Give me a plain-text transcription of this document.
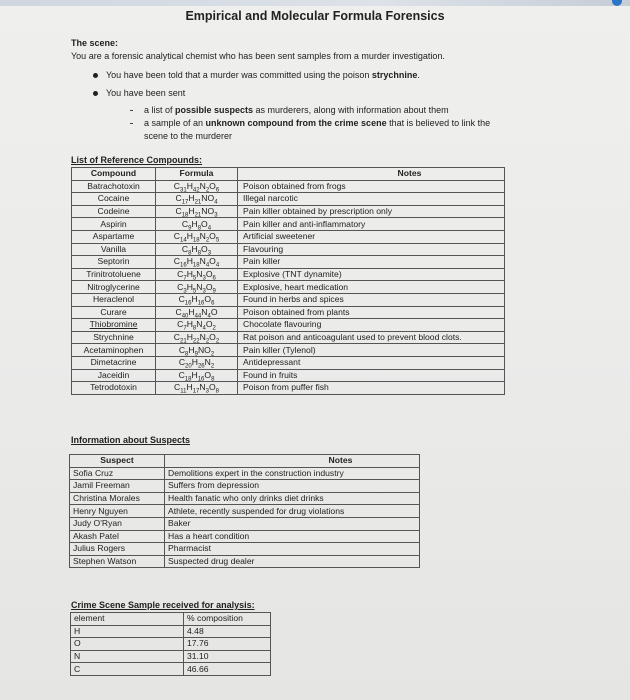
Empirical and Molecular Formula Forensics
The scene:
You are a forensic analytical chemist who has been sent samples from a murder investigation.
You have been told that a murder was committed using the poison strychnine.
You have been sent
a list of possible suspects as murderers, along with information about them
a sample of an unknown compound from the crime scene that is believed to link the
scene to the murderer
List of Reference Compounds:
Compound	Formula	Notes
Batrachotoxin	$C_{31}H_{42}N_2O_6$	Poison obtained from frogs
Cocaine	$C_{17}H_{21}NO_4$	Illegal narcotic
Codeine	$C_{18}H_{21}NO_3$	Pain killer obtained by prescription only
Aspirin	$C_9H_8O_4$	Pain killer and anti-inflammatory
Aspartame	$C_{14}H_{18}N_2O_5$	Artificial sweetener
Vanilla	$C_8H_8O_3$	Flavouring
Septorin	$C_{16}H_{18}N_4O_4$	Pain killer
Trinitrotoluene	$C_7H_5N_3O_6$	Explosive (TNT dynamite)
Nitroglycerine	$C_3H_5N_3O_9$	Explosive, heart medication
Heraclenol	$C_{16}H_{16}O_6$	Found in herbs and spices
Curare	$C_{40}H_{44}N_4O$	Poison obtained from plants
Thiobromine	$C_7H_8N_4O_2$	Chocolate flavouring
Strychnine	$C_{21}H_{22}N_2O_2$	Rat poison and anticoagulant used to prevent blood clots.
Acetaminophen	$C_8H_9NO_2$	Pain killer (Tylenol)
Dimetacrine	$C_{20}H_{26}N_2$	Antidepressant
Jaceidin	$C_{18}H_{16}O_8$	Found in fruits
Tetrodotoxin	$C_{11}H_{17}N_3O_8$	Poison from puffer fish
Information about Suspects
Suspect	Notes
Sofia Cruz	Demolitions expert in the construction industry
Jamil Freeman	Suffers from depression
Christina Morales	Health fanatic who only drinks diet drinks
Henry Nguyen	Athlete, recently suspended for drug violations
Judy O'Ryan	Baker
Akash Patel	Has a heart condition
Julius Rogers	Pharmacist
Stephen Watson	Suspected drug dealer
Crime Scene Sample received for analysis:
element	% composition
H	4.48
O	17.76
N	31.10
C	46.66
